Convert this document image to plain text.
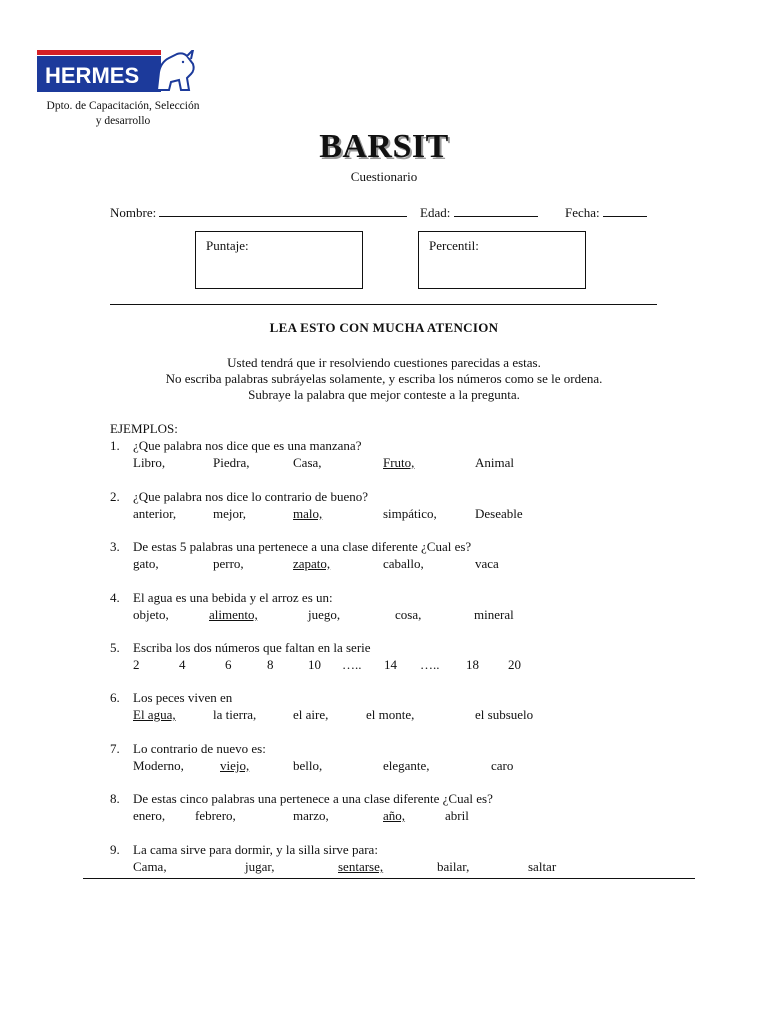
HERMES
Dpto. de Capacitación, Selección
y desarrollo
BARSIT
Cuestionario
Nombre:	Edad:	Fecha:
Puntaje:	Percentil:
LEA ESTO CON MUCHA ATENCION
Usted tendrá que ir resolviendo cuestiones parecidas a estas.
No escriba palabras subráyelas solamente, y escriba los números como se le ordena.
Subraye la palabra que mejor conteste a la pregunta.
EJEMPLOS:
1. ¿Que palabra nos dice que es una manzana?
Libro,	Piedra,	Casa,	Fruto,	Animal
2. ¿Que palabra nos dice lo contrario de bueno?
anterior,	mejor,	malo,	simpático,	Deseable
3. De estas 5 palabras una pertenece a una clase diferente ¿Cual es?
gato,	perro,	zapato,	caballo,	vaca
4. El agua es una bebida y el arroz es un:
objeto,	alimento,	juego,	cosa,	mineral
5. Escriba los dos números que faltan en la serie
2	4	6	8	10 ….. 14 ….. 18 20
6. Los peces viven en
El agua,	la tierra,	el aire,	el monte,	el subsuelo
7. Lo contrario de nuevo es:
Moderno,	viejo,	bello,	elegante,	caro
8. De estas cinco palabras una pertenece a una clase diferente ¿Cual es?
enero, febrero,	marzo,	año,	abril
9. La cama sirve para dormir, y la silla sirve para:
Cama,	jugar,	sentarse,	bailar,	saltar
